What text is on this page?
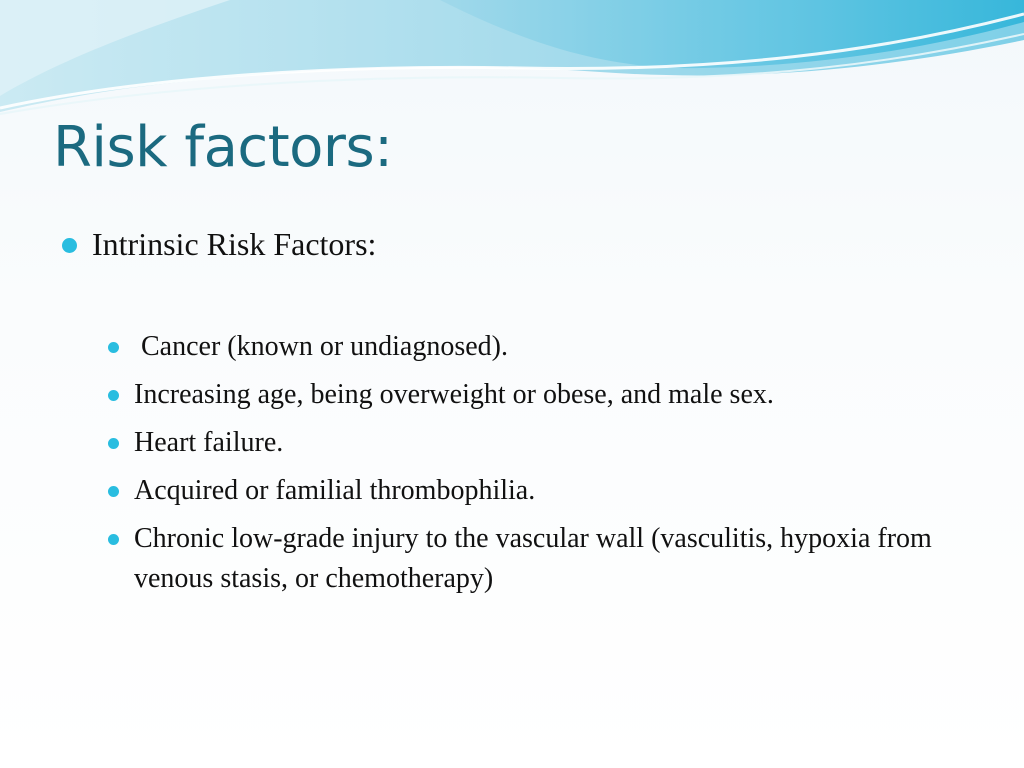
Risk factors:
Intrinsic Risk Factors:
Cancer (known or undiagnosed).
Increasing age, being overweight or obese, and male sex.
Heart failure.
Acquired or familial thrombophilia.
Chronic low-grade injury to the vascular wall (vasculitis, hypoxia from venous stasis, or chemotherapy)
